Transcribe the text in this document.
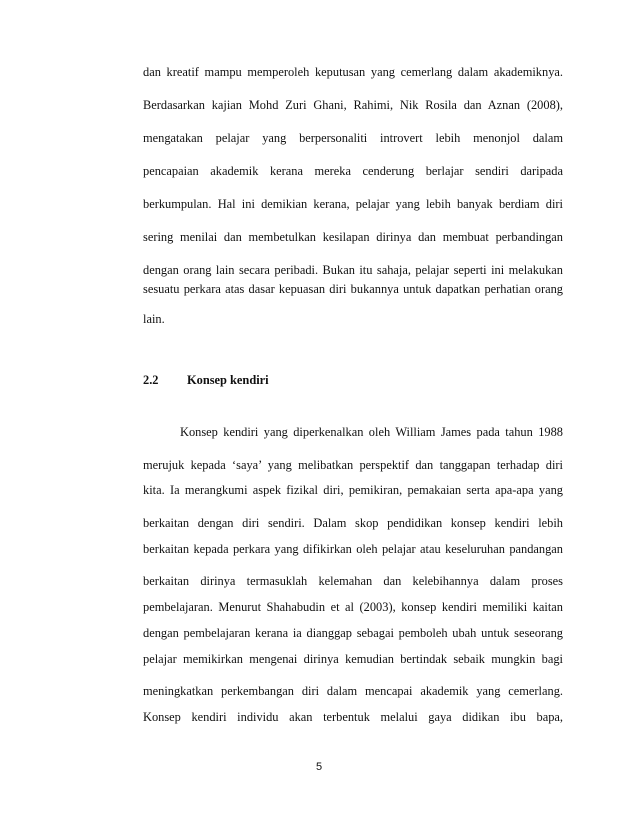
dan kreatif mampu memperoleh keputusan yang cemerlang dalam akademiknya.
Berdasarkan kajian Mohd Zuri Ghani, Rahimi, Nik Rosila dan Aznan (2008),
mengatakan pelajar yang berpersonaliti introvert lebih menonjol dalam
pencapaian akademik kerana mereka cenderung berlajar sendiri daripada
berkumpulan. Hal ini demikian kerana, pelajar yang lebih banyak berdiam diri
sering menilai dan membetulkan kesilapan dirinya dan membuat perbandingan
dengan orang lain secara peribadi. Bukan itu sahaja, pelajar seperti ini melakukan
sesuatu perkara atas dasar kepuasan diri bukannya untuk dapatkan perhatian orang
lain.
2.2 Konsep kendiri
Konsep kendiri yang diperkenalkan oleh William James pada tahun 1988
merujuk kepada ‘saya’ yang melibatkan perspektif dan tanggapan terhadap diri
kita. Ia merangkumi aspek fizikal diri, pemikiran, pemakaian serta apa-apa yang
berkaitan dengan diri sendiri. Dalam skop pendidikan konsep kendiri lebih
berkaitan kepada perkara yang difikirkan oleh pelajar atau keseluruhan pandangan
berkaitan dirinya termasuklah kelemahan dan kelebihannya dalam proses
pembelajaran. Menurut Shahabudin et al (2003), konsep kendiri memiliki kaitan
dengan pembelajaran kerana ia dianggap sebagai pemboleh ubah untuk seseorang
pelajar memikirkan mengenai dirinya kemudian bertindak sebaik mungkin bagi
meningkatkan perkembangan diri dalam mencapai akademik yang cemerlang.
Konsep kendiri individu akan terbentuk melalui gaya didikan ibu bapa,
5
